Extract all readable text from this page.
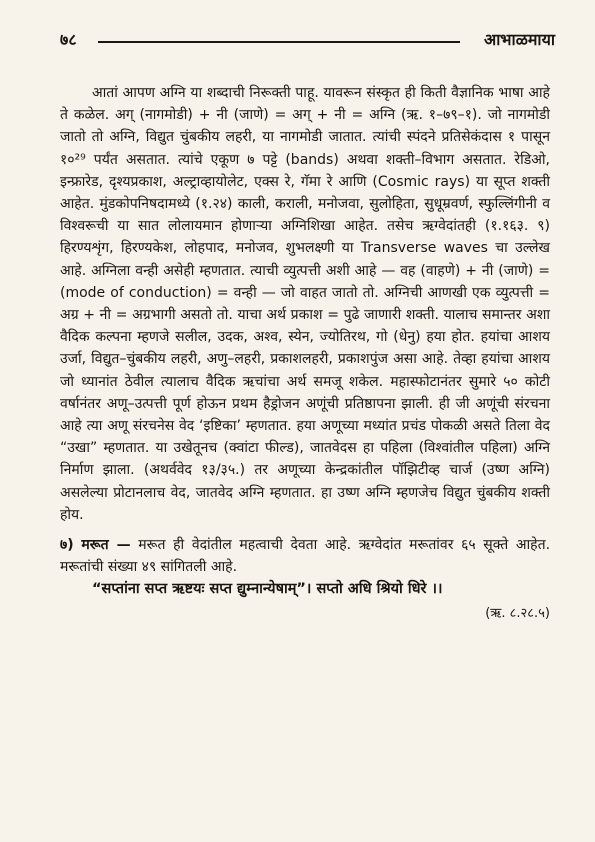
७८	आभाळमाया

आतां आपण अग्नि या शब्दाची निरूक्ती पाहू. यावरून संस्कृत ही किती वैज्ञानिक भाषा आहे ते कळेल. अग् (नागमोडी) + नी (जाणे) = अग् + नी = अग्नि (ऋ. १–७९–१). जो नागमोडी जातो तो अग्नि, विद्युत चुंबकीय लहरी, या नागमोडी जातात. त्यांची स्पंदने प्रतिसेकंदास १ पासून १०²⁹ पर्यंत असतात. त्यांचे एकूण ७ पट्टे (bands) अथवा शक्ती–विभाग असतात. रेडिओ, इन्फ्रारेड, दृश्यप्रकाश, अल्ट्राव्हायोलेट, एक्स रे, गॅमा रे आणि (Cosmic rays) या सूप्त शक्ती आहेत. मुंडकोपनिषदामध्ये (१.२४) काली, कराली, मनोजवा, सुलोहिता, सुधूम्रवर्ण, स्फुल्लिंगीनी व विश्वरूची या सात लोलायमान होणाऱ्या अग्निशिखा आहेत. तसेच ऋग्वेदांतही (१.१६३. ९) हिरण्यशृंग, हिरण्यकेश, लोहपाद, मनोजव, शुभलक्ष्णी या Transverse waves चा उल्लेख आहे. अग्निला वन्ही असेही म्हणतात. त्याची व्युत्पत्ती अशी आहे — वह (वाहणे) + नी (जाणे) = (mode of conduction) = वन्ही — जो वाहत जातो तो. अग्निची आणखी एक व्युत्पत्ती = अग्र + नी = अग्रभागी असतो तो. याचा अर्थ प्रकाश = पुढे जाणारी शक्ती. यालाच समान्तर अशा वैदिक कल्पना म्हणजे सलील, उदक, अश्व, स्येन, ज्योतिरथ, गो (धेनु) हया होत. हयांचा आशय उर्जा, विद्युत–चुंबकीय लहरी, अणु–लहरी, प्रकाशलहरी, प्रकाशपुंज असा आहे. तेव्हा हयांचा आशय जो ध्यानांत ठेवील त्यालाच वैदिक ऋचांचा अर्थ समजू शकेल. महास्फोटानंतर सुमारे ५० कोटी वर्षानंतर अणू–उत्पत्ती पूर्ण होऊन प्रथम हैड्रोजन अणूंची प्रतिष्ठापना झाली. ही जी अणूंची संरचना आहे त्या अणू संरचनेस वेद ‘इष्टिका’ म्हणतात. हया अणूच्या मध्यांत प्रचंड पोकळी असते तिला वेद “उखा” म्हणतात. या उखेतूनच (क्वांटा फील्ड), जातवेदस हा पहिला (विश्वांतील पहिला) अग्नि निर्माण झाला. (अथर्ववेद १३/३५.) तर अणूच्या केन्द्रकांतील पॉझिटीव्ह चार्ज (उष्ण अग्नि) असलेल्या प्रोटानलाच वेद, जातवेद अग्नि म्हणतात. हा उष्ण अग्नि म्हणजेच विद्युत चुंबकीय शक्ती होय.

७) मरूत — मरूत ही वेदांतील महत्वाची देवता आहे. ऋग्वेदांत मरूतांवर ६५ सूक्ते आहेत. मरूतांची संख्या ४९ सांगितली आहे.

“सप्तांना सप्त ऋष्टयः सप्त द्युम्नान्येषाम्”। सप्तो अधि श्रियो धिरे ।।

(ऋ. ८.२८.५)
